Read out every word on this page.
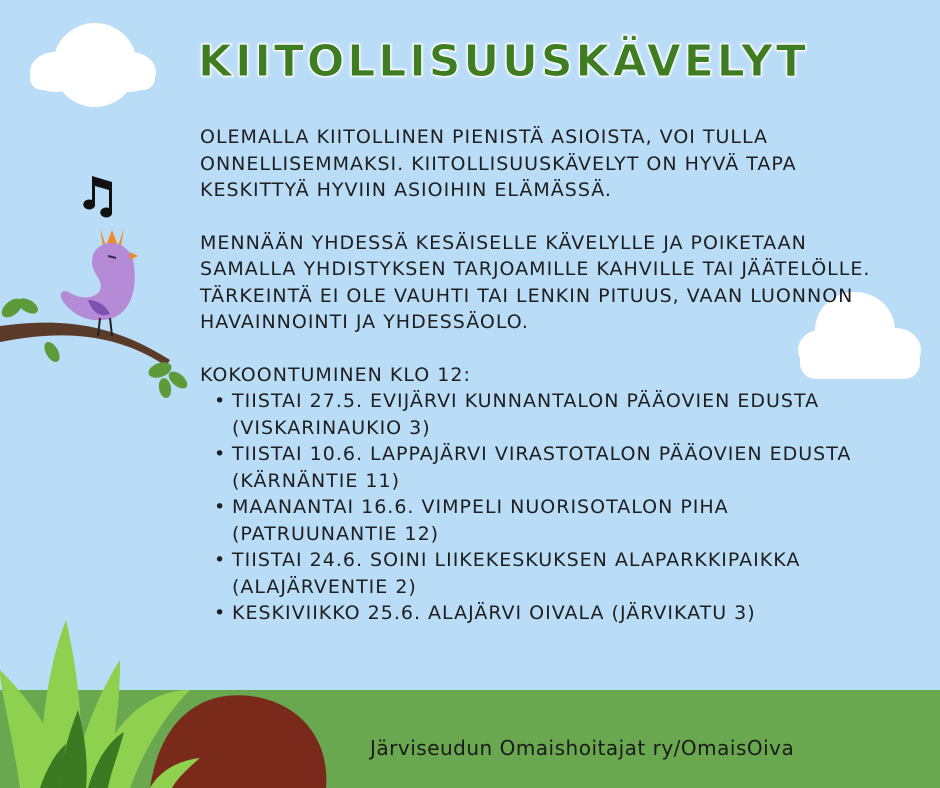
KIITOLLISUUSKÄVELYT

OLEMALLA KIITOLLINEN PIENISTÄ ASIOISTA, VOI TULLA ONNELLISEMMAKSI. KIITOLLISUUSKÄVELYT ON HYVÄ TAPA KESKITTYÄ HYVIIN ASIOIHIN ELÄMÄSSÄ.

MENNÄÄN YHDESSÄ KESÄISELLE KÄVELYLLE JA POIKETAAN SAMALLA YHDISTYKSEN TARJOAMILLE KAHVILLE TAI JÄÄTELÖLLE. TÄRKEINTÄ EI OLE VAUHTI TAI LENKIN PITUUS, VAAN LUONNON HAVAINNOINTI JA YHDESSÄOLO.

KOKOONTUMINEN KLO 12:

• TIISTAI 27.5. EVIJÄRVI KUNNANTALON PÄÄOVIEN EDUSTA (VISKARINAUKIO 3)
• TIISTAI 10.6. LAPPAJÄRVI VIRASTOTALON PÄÄOVIEN EDUSTA (KÄRNÄNTIE 11)
• MAANANTAI 16.6. VIMPELI NUORISOTALON PIHA (PATRUUNANTIE 12)
• TIISTAI 24.6. SOINI LIIKEKESKUKSEN ALAPARKKIPAIKKA (ALAJÄRVENTIE 2)
• KESKIVIIKKO 25.6. ALAJÄRVI OIVALA (JÄRVIKATU 3)
Järviseudun Omaishoitajat ry/OmaisOiva
